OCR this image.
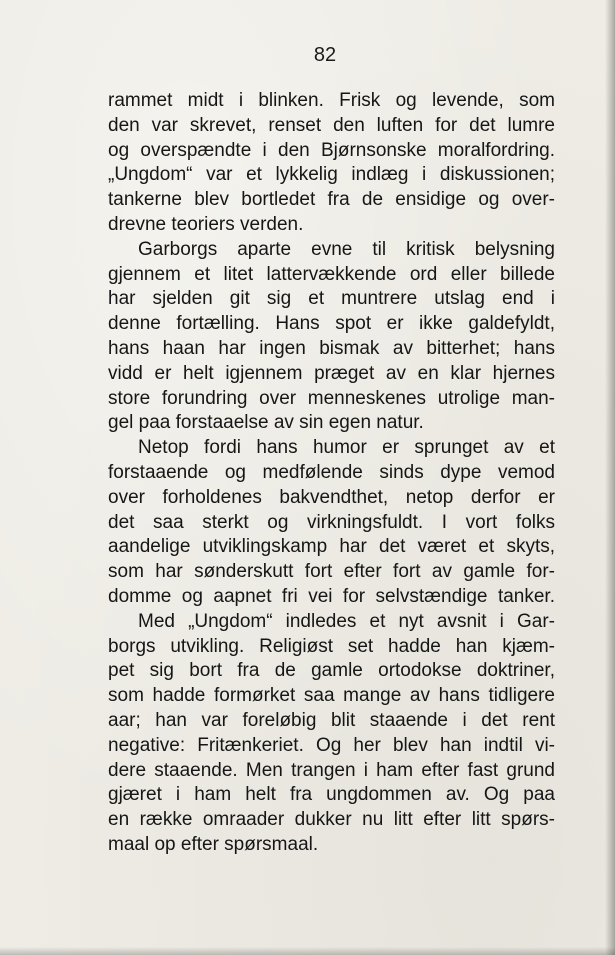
82
rammet midt i blinken. Frisk og levende, som
den var skrevet, renset den luften for det lumre
og overspændte i den Bjørnsonske moralfordring.
„Ungdom“ var et lykkelig indlæg i diskussionen;
tankerne blev bortledet fra de ensidige og over-
drevne teoriers verden.
Garborgs aparte evne til kritisk belysning
gjennem et litet lattervækkende ord eller billede
har sjelden git sig et muntrere utslag end i
denne fortælling. Hans spot er ikke galdefyldt,
hans haan har ingen bismak av bitterhet; hans
vidd er helt igjennem præget av en klar hjernes
store forundring over menneskenes utrolige man-
gel paa forstaaelse av sin egen natur.
Netop fordi hans humor er sprunget av et
forstaaende og medfølende sinds dype vemod
over forholdenes bakvendthet, netop derfor er
det saa sterkt og virkningsfuldt. I vort folks
aandelige utviklingskamp har det været et skyts,
som har sønderskutt fort efter fort av gamle for-
domme og aapnet fri vei for selvstændige tanker.
Med „Ungdom“ indledes et nyt avsnit i Gar-
borgs utvikling. Religiøst set hadde han kjæm-
pet sig bort fra de gamle ortodokse doktriner,
som hadde formørket saa mange av hans tidligere
aar; han var foreløbig blit staaende i det rent
negative: Fritænkeriet. Og her blev han indtil vi-
dere staaende. Men trangen i ham efter fast grund
gjæret i ham helt fra ungdommen av. Og paa
en række omraader dukker nu litt efter litt spørs-
maal op efter spørsmaal.
